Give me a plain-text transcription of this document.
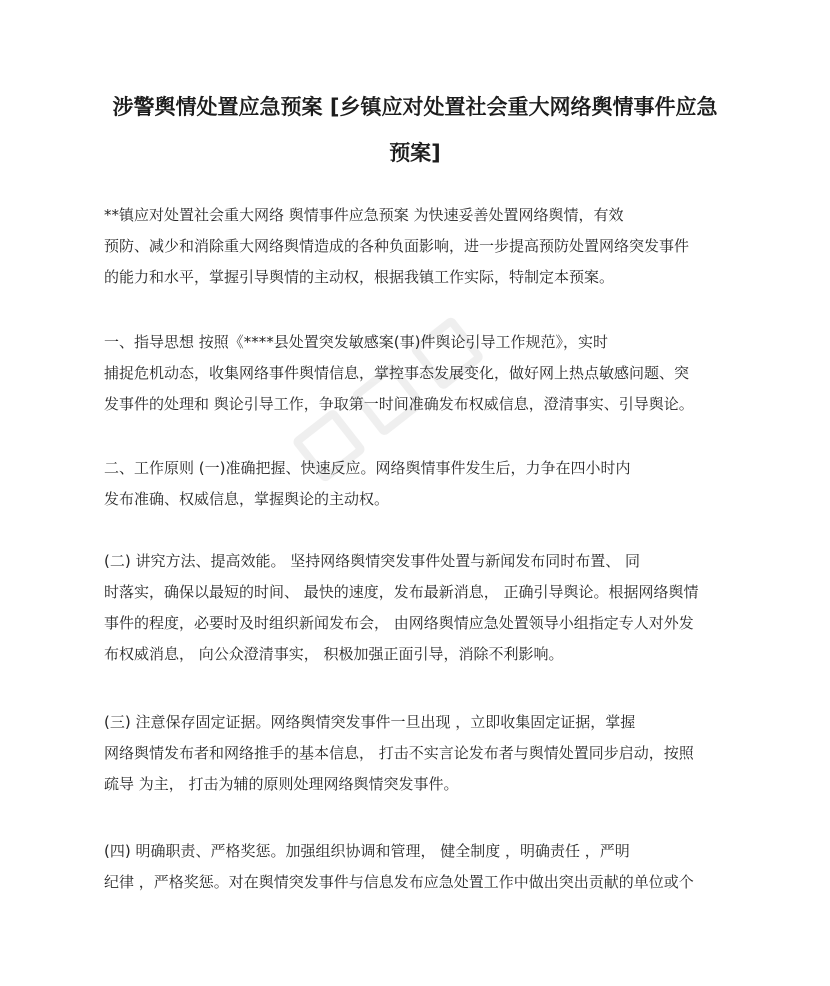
涉警舆情处置应急预案 [乡镇应对处置社会重大网络舆情事件应急
预案]

**镇应对处置社会重大网络 舆情事件应急预案 为快速妥善处置网络舆情，有效
预防、减少和消除重大网络舆情造成的各种负面影响，进一步提高预防处置网络突发事件
的能力和水平，掌握引导舆情的主动权，根据我镇工作实际，特制定本预案。

一、指导思想 按照《****县处置突发敏感案(事)件舆论引导工作规范》，实时
捕捉危机动态，收集网络事件舆情信息，掌控事态发展变化，做好网上热点敏感问题、突
发事件的处理和 舆论引导工作，争取第一时间准确发布权威信息，澄清事实、引导舆论。

二、工作原则 (一)准确把握、快速反应。网络舆情事件发生后，力争在四小时内
发布准确、权威信息，掌握舆论的主动权。

(二) 讲究方法、提高效能。 坚持网络舆情突发事件处置与新闻发布同时布置、 同
时落实，确保以最短的时间、 最快的速度，发布最新消息， 正确引导舆论。根据网络舆情
事件的程度，必要时及时组织新闻发布会， 由网络舆情应急处置领导小组指定专人对外发
布权威消息， 向公众澄清事实， 积极加强正面引导，消除不利影响。

(三) 注意保存固定证据。网络舆情突发事件一旦出现 ，立即收集固定证据，掌握
网络舆情发布者和网络推手的基本信息， 打击不实言论发布者与舆情处置同步启动，按照
疏导 为主， 打击为辅的原则处理网络舆情突发事件。

(四) 明确职责、严格奖惩。加强组织协调和管理， 健全制度 ，明确责任 ，严明
纪律 ，严格奖惩。对在舆情突发事件与信息发布应急处置工作中做出突出贡献的单位或个
